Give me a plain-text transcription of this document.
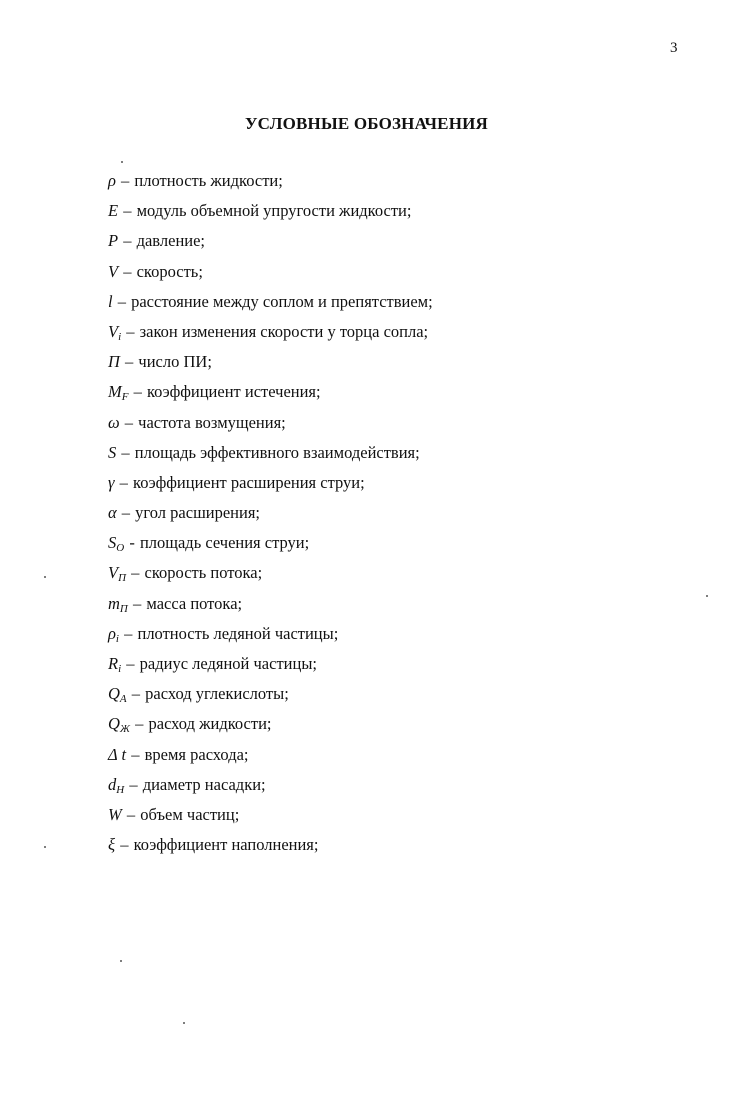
3
УСЛОВНЫЕ ОБОЗНАЧЕНИЯ
ρ – плотность жидкости;
E – модуль объемной упругости жидкости;
P – давление;
V – скорость;
l – расстояние между соплом и препятствием;
$V_i$ – закон изменения скорости у торца сопла;
П – число ПИ;
$M_F$ – коэффициент истечения;
ω – частота возмущения;
S – площадь эффективного взаимодействия;
γ – коэффициент расширения струи;
α – угол расширения;
$S_O$ - площадь сечения струи;
$V_П$ – скорость потока;
$m_П$ – масса потока;
$\rho_i$ – плотность ледяной частицы;
$R_i$ – радиус ледяной частицы;
$Q_A$ – расход углекислоты;
$Q_Ж$ – расход жидкости;
Δ t – время расхода;
$d_H$ – диаметр насадки;
W – объем частиц;
ξ – коэффициент наполнения;
